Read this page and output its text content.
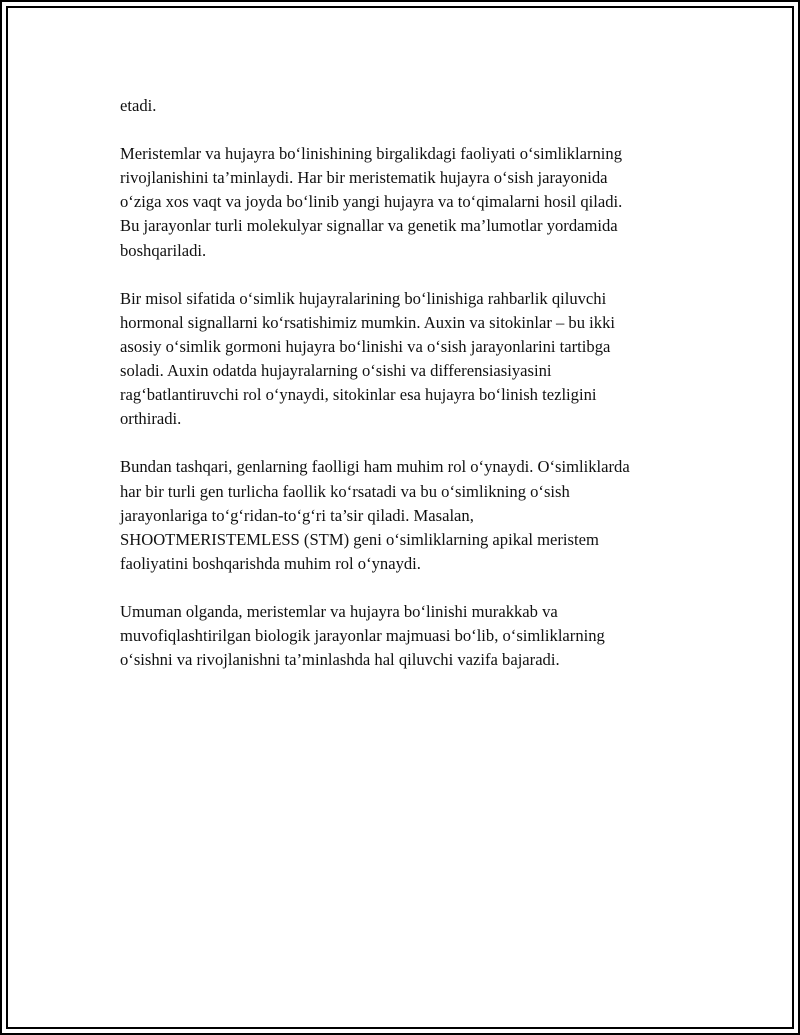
etadi.

Meristemlar va hujayra bo‘linishining birgalikdagi faoliyati o‘simliklarning
rivojlanishini ta’minlaydi. Har bir meristematik hujayra o‘sish jarayonida
o‘ziga xos vaqt va joyda bo‘linib yangi hujayra va to‘qimalarni hosil qiladi.
Bu jarayonlar turli molekulyar signallar va genetik ma’lumotlar yordamida
boshqariladi.

Bir misol sifatida o‘simlik hujayralarining bo‘linishiga rahbarlik qiluvchi
hormonal signallarni ko‘rsatishimiz mumkin. Auxin va sitokinlar – bu ikki
asosiy o‘simlik gormoni hujayra bo‘linishi va o‘sish jarayonlarini tartibga
soladi. Auxin odatda hujayralarning o‘sishi va differensiasiyasini
rag‘batlantiruvchi rol o‘ynaydi, sitokinlar esa hujayra bo‘linish tezligini
orthiradi.

Bundan tashqari, genlarning faolligi ham muhim rol o‘ynaydi. O‘simliklarda
har bir turli gen turlicha faollik ko‘rsatadi va bu o‘simlikning o‘sish
jarayonlariga to‘g‘ridan-to‘g‘ri ta’sir qiladi. Masalan,
SHOOTMERISTEMLESS (STM) geni o‘simliklarning apikal meristem
faoliyatini boshqarishda muhim rol o‘ynaydi.

Umuman olganda, meristemlar va hujayra bo‘linishi murakkab va
muvofiqlashtirilgan biologik jarayonlar majmuasi bo‘lib, o‘simliklarning
o‘sishni va rivojlanishni ta’minlashda hal qiluvchi vazifa bajaradi.
